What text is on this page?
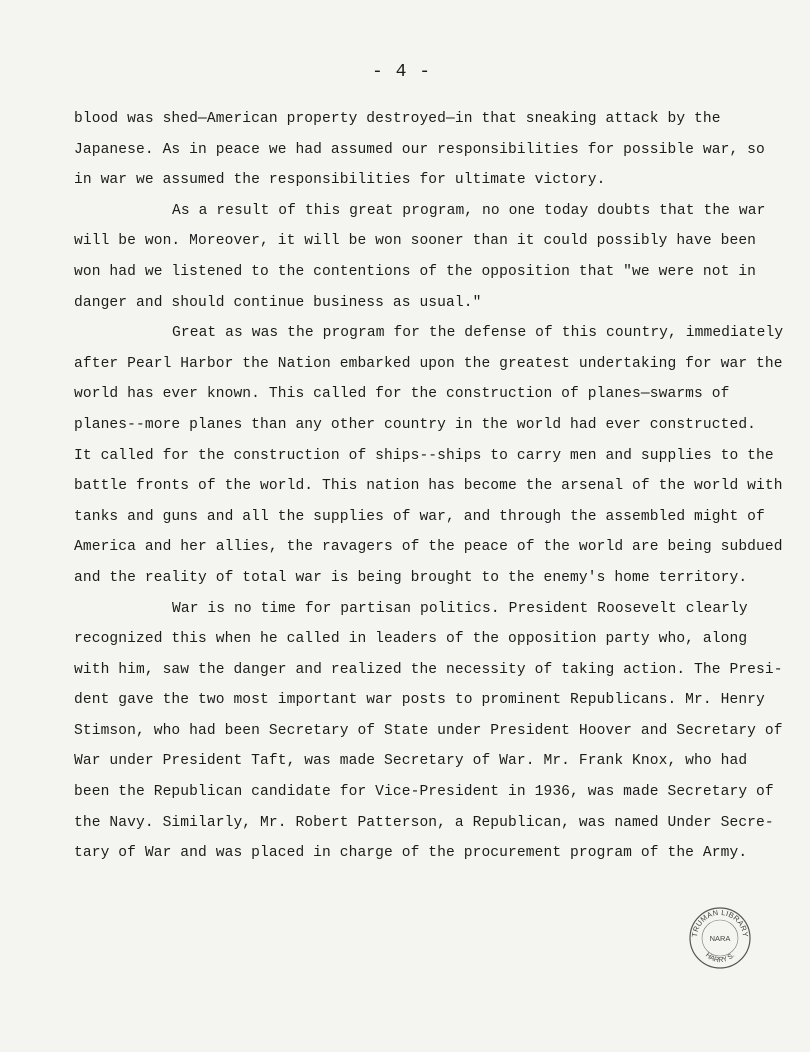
- 4 -
blood was shed—American property destroyed—in that sneaking attack by the
Japanese. As in peace we had assumed our responsibilities for possible war, so
in war we assumed the responsibilities for ultimate victory.
As a result of this great program, no one today doubts that the war
will be won. Moreover, it will be won sooner than it could possibly have been
won had we listened to the contentions of the opposition that "we were not in
danger and should continue business as usual."
Great as was the program for the defense of this country, immediately
after Pearl Harbor the Nation embarked upon the greatest undertaking for war the
world has ever known. This called for the construction of planes—swarms of
planes--more planes than any other country in the world had ever constructed.
It called for the construction of ships--ships to carry men and supplies to the
battle fronts of the world. This nation has become the arsenal of the world with
tanks and guns and all the supplies of war, and through the assembled might of
America and her allies, the ravagers of the peace of the world are being subdued
and the reality of total war is being brought to the enemy's home territory.
War is no time for partisan politics. President Roosevelt clearly
recognized this when he called in leaders of the opposition party who, along
with him, saw the danger and realized the necessity of taking action. The Presi-
dent gave the two most important war posts to prominent Republicans. Mr. Henry
Stimson, who had been Secretary of State under President Hoover and Secretary of
War under President Taft, was made Secretary of War. Mr. Frank Knox, who had
been the Republican candidate for Vice-President in 1936, was made Secretary of
the Navy. Similarly, Mr. Robert Patterson, a Republican, was named Under Secre-
tary of War and was placed in charge of the procurement program of the Army.
TRUMAN LIBRARY
NARA
HARRY S.
